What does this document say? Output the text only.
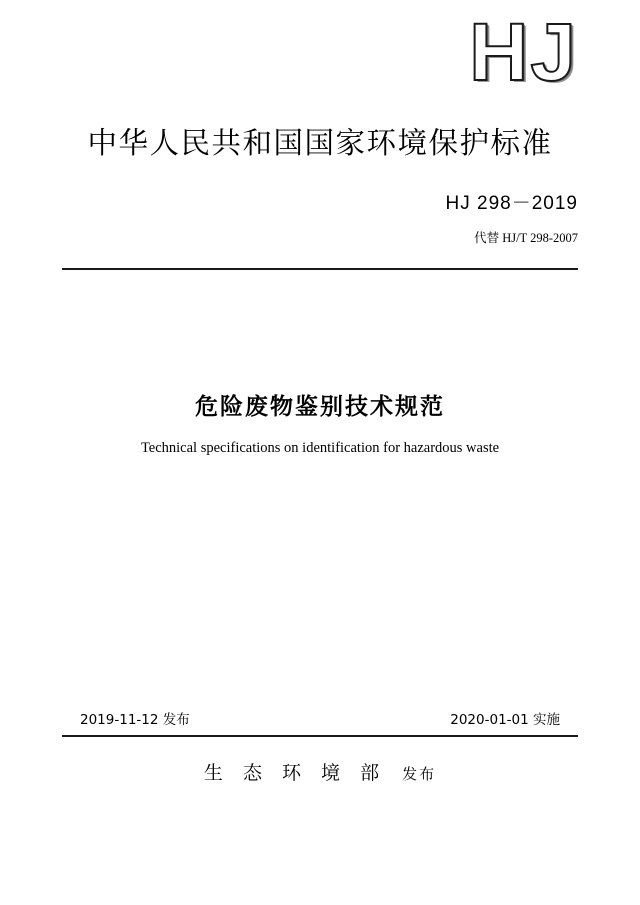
HJ
中华人民共和国国家环境保护标准
HJ 298－2019
代替 HJ/T 298-2007
危险废物鉴别技术规范
Technical specifications on identification for hazardous waste
2019-11-12 发布	2020-01-01 实施
生 态 环 境 部 发布
